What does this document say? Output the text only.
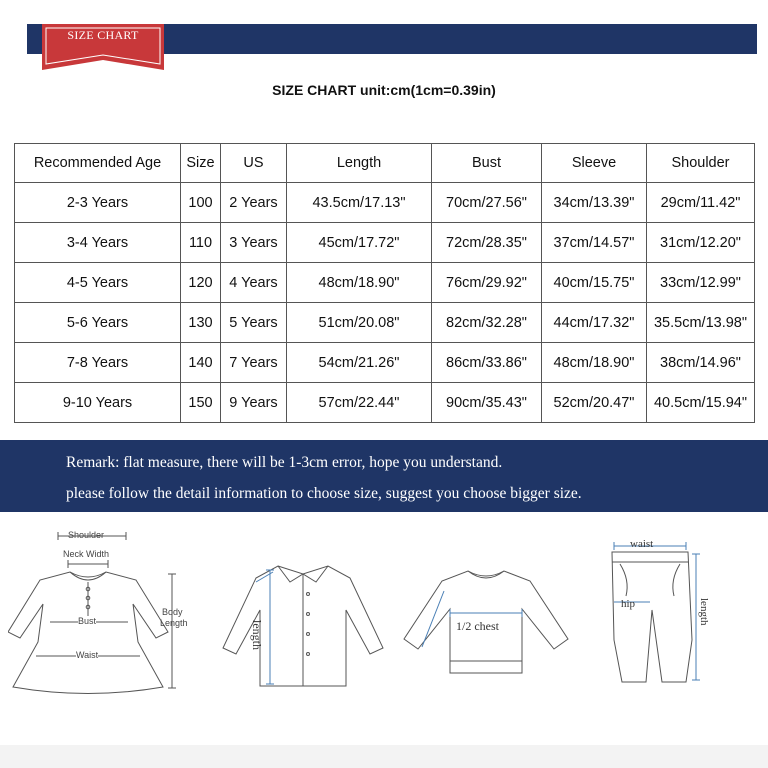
SIZE CHART
SIZE CHART unit:cm(1cm=0.39in)
Recommended Age	Size	US	Length	Bust	Sleeve	Shoulder
2-3 Years	100	2 Years	43.5cm/17.13"	70cm/27.56"	34cm/13.39"	29cm/11.42"
3-4 Years	110	3 Years	45cm/17.72"	72cm/28.35"	37cm/14.57"	31cm/12.20"
4-5 Years	120	4 Years	48cm/18.90"	76cm/29.92"	40cm/15.75"	33cm/12.99"
5-6 Years	130	5 Years	51cm/20.08"	82cm/32.28"	44cm/17.32"	35.5cm/13.98"
7-8 Years	140	7 Years	54cm/21.26"	86cm/33.86"	48cm/18.90"	38cm/14.96"
9-10 Years	150	9 Years	57cm/22.44"	90cm/35.43"	52cm/20.47"	40.5cm/15.94"

Remark: flat measure, there will be 1-3cm error, hope you understand.

please follow the detail information to choose size, suggest you choose bigger size.

Shoulder
Neck Width
Body
Length
Bust
Waist
length	1/2 chest
waist
hip	length
